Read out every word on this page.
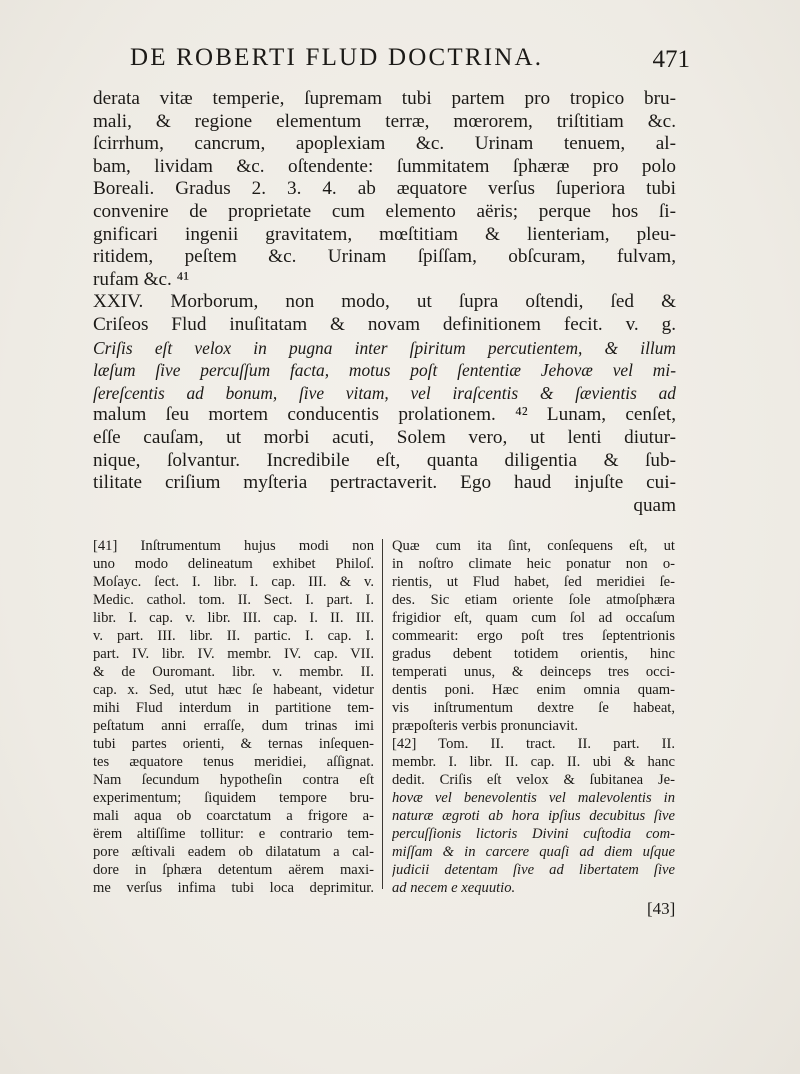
DE ROBERTI FLUD DOCTRINA.	471
derata vitæ temperie, ſupremam tubi partem pro tropico bru-
mali, & regione elementum terræ, mœrorem, triſtitiam &c.
ſcirrhum, cancrum, apoplexiam &c. Urinam tenuem, al-
bam, lividam &c. oſtendente: ſummitatem ſphæræ pro polo
Boreali. Gradus 2. 3. 4. ab æquatore verſus ſuperiora tubi
convenire de proprietate cum elemento aëris; perque hos ſi-
gnificari ingenii gravitatem, mœſtitiam & lienteriam, pleu-
ritidem, peſtem &c. Urinam ſpiſſam, obſcuram, fulvam,
rufam &c. ⁴¹
XXIV. Morborum, non modo, ut ſupra oſtendi, ſed &
Criſeos Flud inuſitatam & novam definitionem fecit. v. g.
Criſis eſt velox in pugna inter ſpiritum percutientem, & illum
læſum ſive percuſſum facta, motus poſt ſententiæ Jehovæ vel mi-
ſereſcentis ad bonum, ſive vitam, vel iraſcentis & ſævientis ad
malum ſeu mortem conducentis prolationem. ⁴² Lunam, cenſet,
eſſe cauſam, ut morbi acuti, Solem vero, ut lenti diutur-
nique, ſolvantur. Incredibile eſt, quanta diligentia & ſub-
tilitate criſium myſteria pertractaverit. Ego haud injuſte cui-
quam
[41] Inſtrumentum hujus modi non
uno modo delineatum exhibet Philoſ.
Moſayc. ſect. I. libr. I. cap. III. & v.
Medic. cathol. tom. II. Sect. I. part. I.
libr. I. cap. v. libr. III. cap. I. II. III.
v. part. III. libr. II. partic. I. cap. I.
part. IV. libr. IV. membr. IV. cap. VII.
& de Ouromant. libr. v. membr. II.
cap. x. Sed, utut hæc ſe habeant, videtur
mihi Flud interdum in partitione tem-
peſtatum anni erraſſe, dum trinas imi
tubi partes orienti, & ternas inſequen-
tes æquatore tenus meridiei, aſſignat.
Nam ſecundum hypotheſin contra eſt
experimentum; ſiquidem tempore bru-
mali aqua ob coarctatum a frigore a-
ërem altiſſime tollitur: e contrario tem-
pore æſtivali eadem ob dilatatum a cal-
dore in ſphæra detentum aërem maxi-
me verſus infima tubi loca deprimitur.
Quæ cum ita ſint, conſequens eſt, ut
in noſtro climate heic ponatur non o-
rientis, ut Flud habet, ſed meridiei ſe-
des. Sic etiam oriente ſole atmoſphæra
frigidior eſt, quam cum ſol ad occaſum
commearit: ergo poſt tres ſeptentrionis
gradus debent totidem orientis, hinc
temperati unus, & deinceps tres occi-
dentis poni. Hæc enim omnia quam-
vis inſtrumentum dextre ſe habeat,
præpoſteris verbis pronunciavit.
[42] Tom. II. tract. II. part. II.
membr. I. libr. II. cap. II. ubi & hanc
dedit. Criſis eſt velox & ſubitanea Je-
hovæ vel benevolentis vel malevolentis in
naturæ ægroti ab hora ipſius decubitus ſive
percuſſionis lictoris Divini cuſtodia com-
miſſam & in carcere quaſi ad diem uſque
judicii detentam ſive ad libertatem ſive
ad necem e xequutio.
[43]
